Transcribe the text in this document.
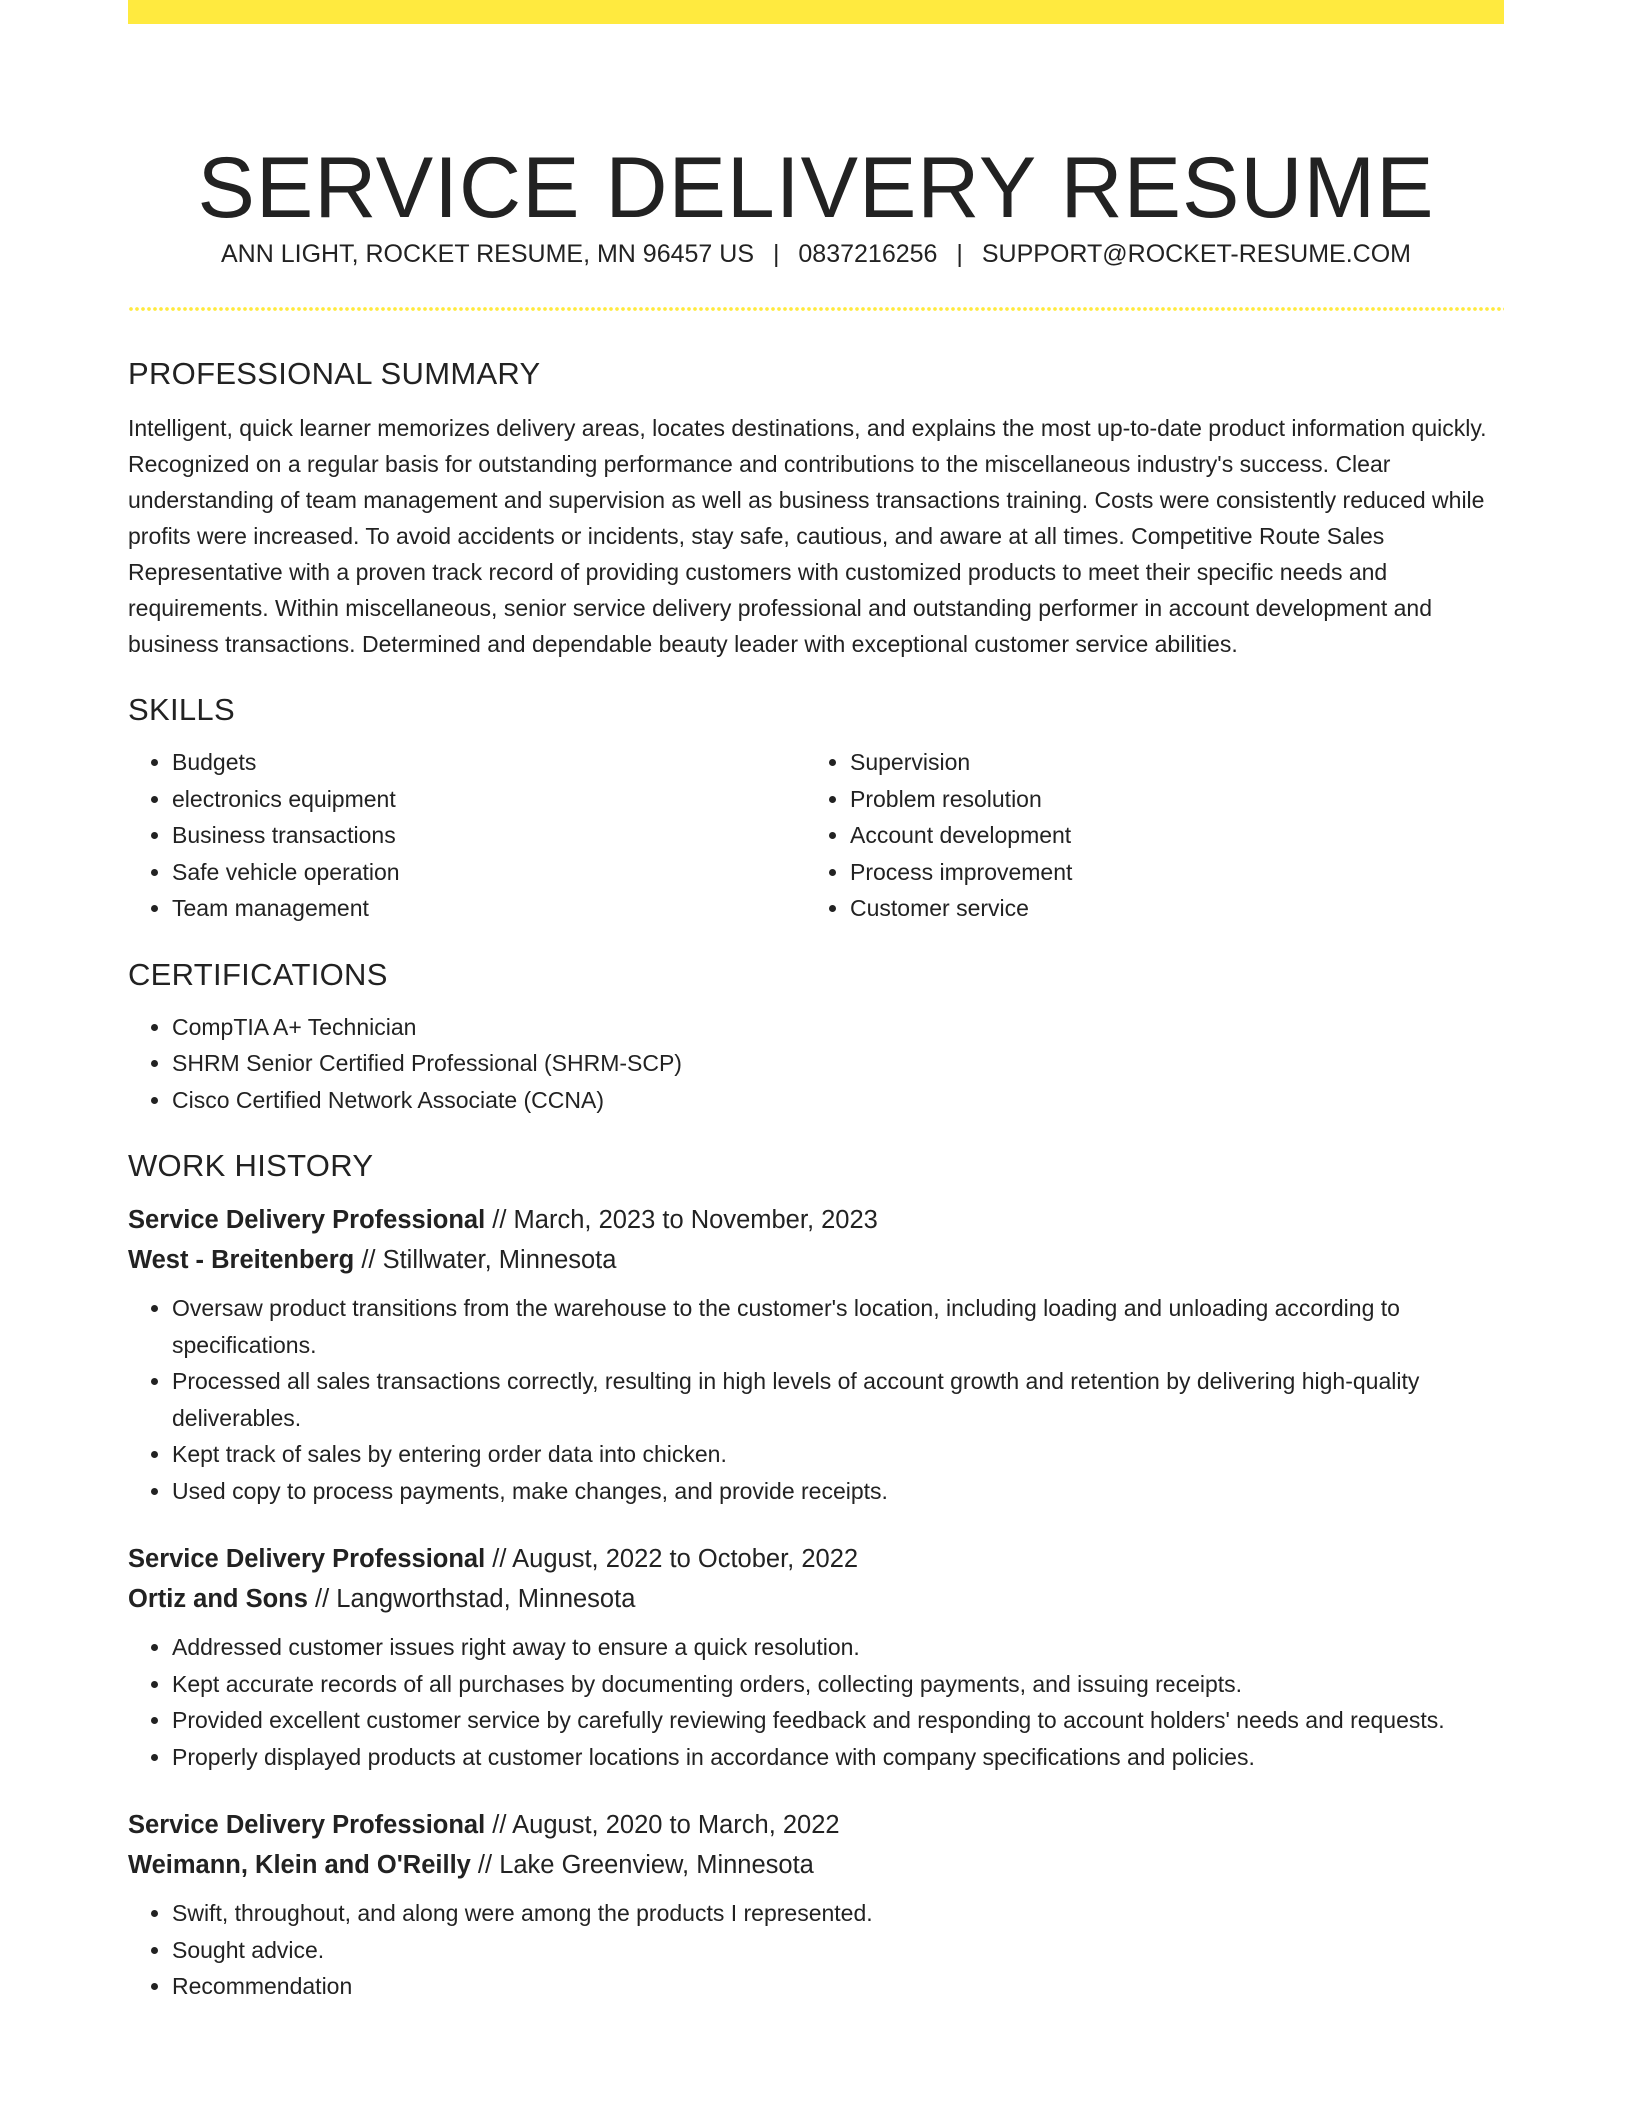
SERVICE DELIVERY RESUME
ANN LIGHT, ROCKET RESUME, MN 96457 US | 0837216256 | SUPPORT@ROCKET-RESUME.COM
PROFESSIONAL SUMMARY

Intelligent, quick learner memorizes delivery areas, locates destinations, and explains the most up-to-date product information quickly. Recognized on a regular basis for outstanding performance and contributions to the miscellaneous industry's success. Clear understanding of team management and supervision as well as business transactions training. Costs were consistently reduced while profits were increased. To avoid accidents or incidents, stay safe, cautious, and aware at all times. Competitive Route Sales Representative with a proven track record of providing customers with customized products to meet their specific needs and requirements. Within miscellaneous, senior service delivery professional and outstanding performer in account development and business transactions. Determined and dependable beauty leader with exceptional customer service abilities.

SKILLS
• Budgets
• electronics equipment
• Business transactions
• Safe vehicle operation
• Team management
• Supervision
• Problem resolution
• Account development
• Process improvement
• Customer service
CERTIFICATIONS
• CompTIA A+ Technician
• SHRM Senior Certified Professional (SHRM-SCP)
• Cisco Certified Network Associate (CCNA)
WORK HISTORY
Service Delivery Professional // March, 2023 to November, 2023
West - Breitenberg // Stillwater, Minnesota
• Oversaw product transitions from the warehouse to the customer's location, including loading and unloading according to specifications.
• Processed all sales transactions correctly, resulting in high levels of account growth and retention by delivering high-quality deliverables.
• Kept track of sales by entering order data into chicken.
• Used copy to process payments, make changes, and provide receipts.
Service Delivery Professional // August, 2022 to October, 2022
Ortiz and Sons // Langworthstad, Minnesota
• Addressed customer issues right away to ensure a quick resolution.
• Kept accurate records of all purchases by documenting orders, collecting payments, and issuing receipts.
• Provided excellent customer service by carefully reviewing feedback and responding to account holders' needs and requests.
• Properly displayed products at customer locations in accordance with company specifications and policies.
Service Delivery Professional // August, 2020 to March, 2022
Weimann, Klein and O'Reilly // Lake Greenview, Minnesota
• Swift, throughout, and along were among the products I represented.
• Sought advice.
• Recommendation
